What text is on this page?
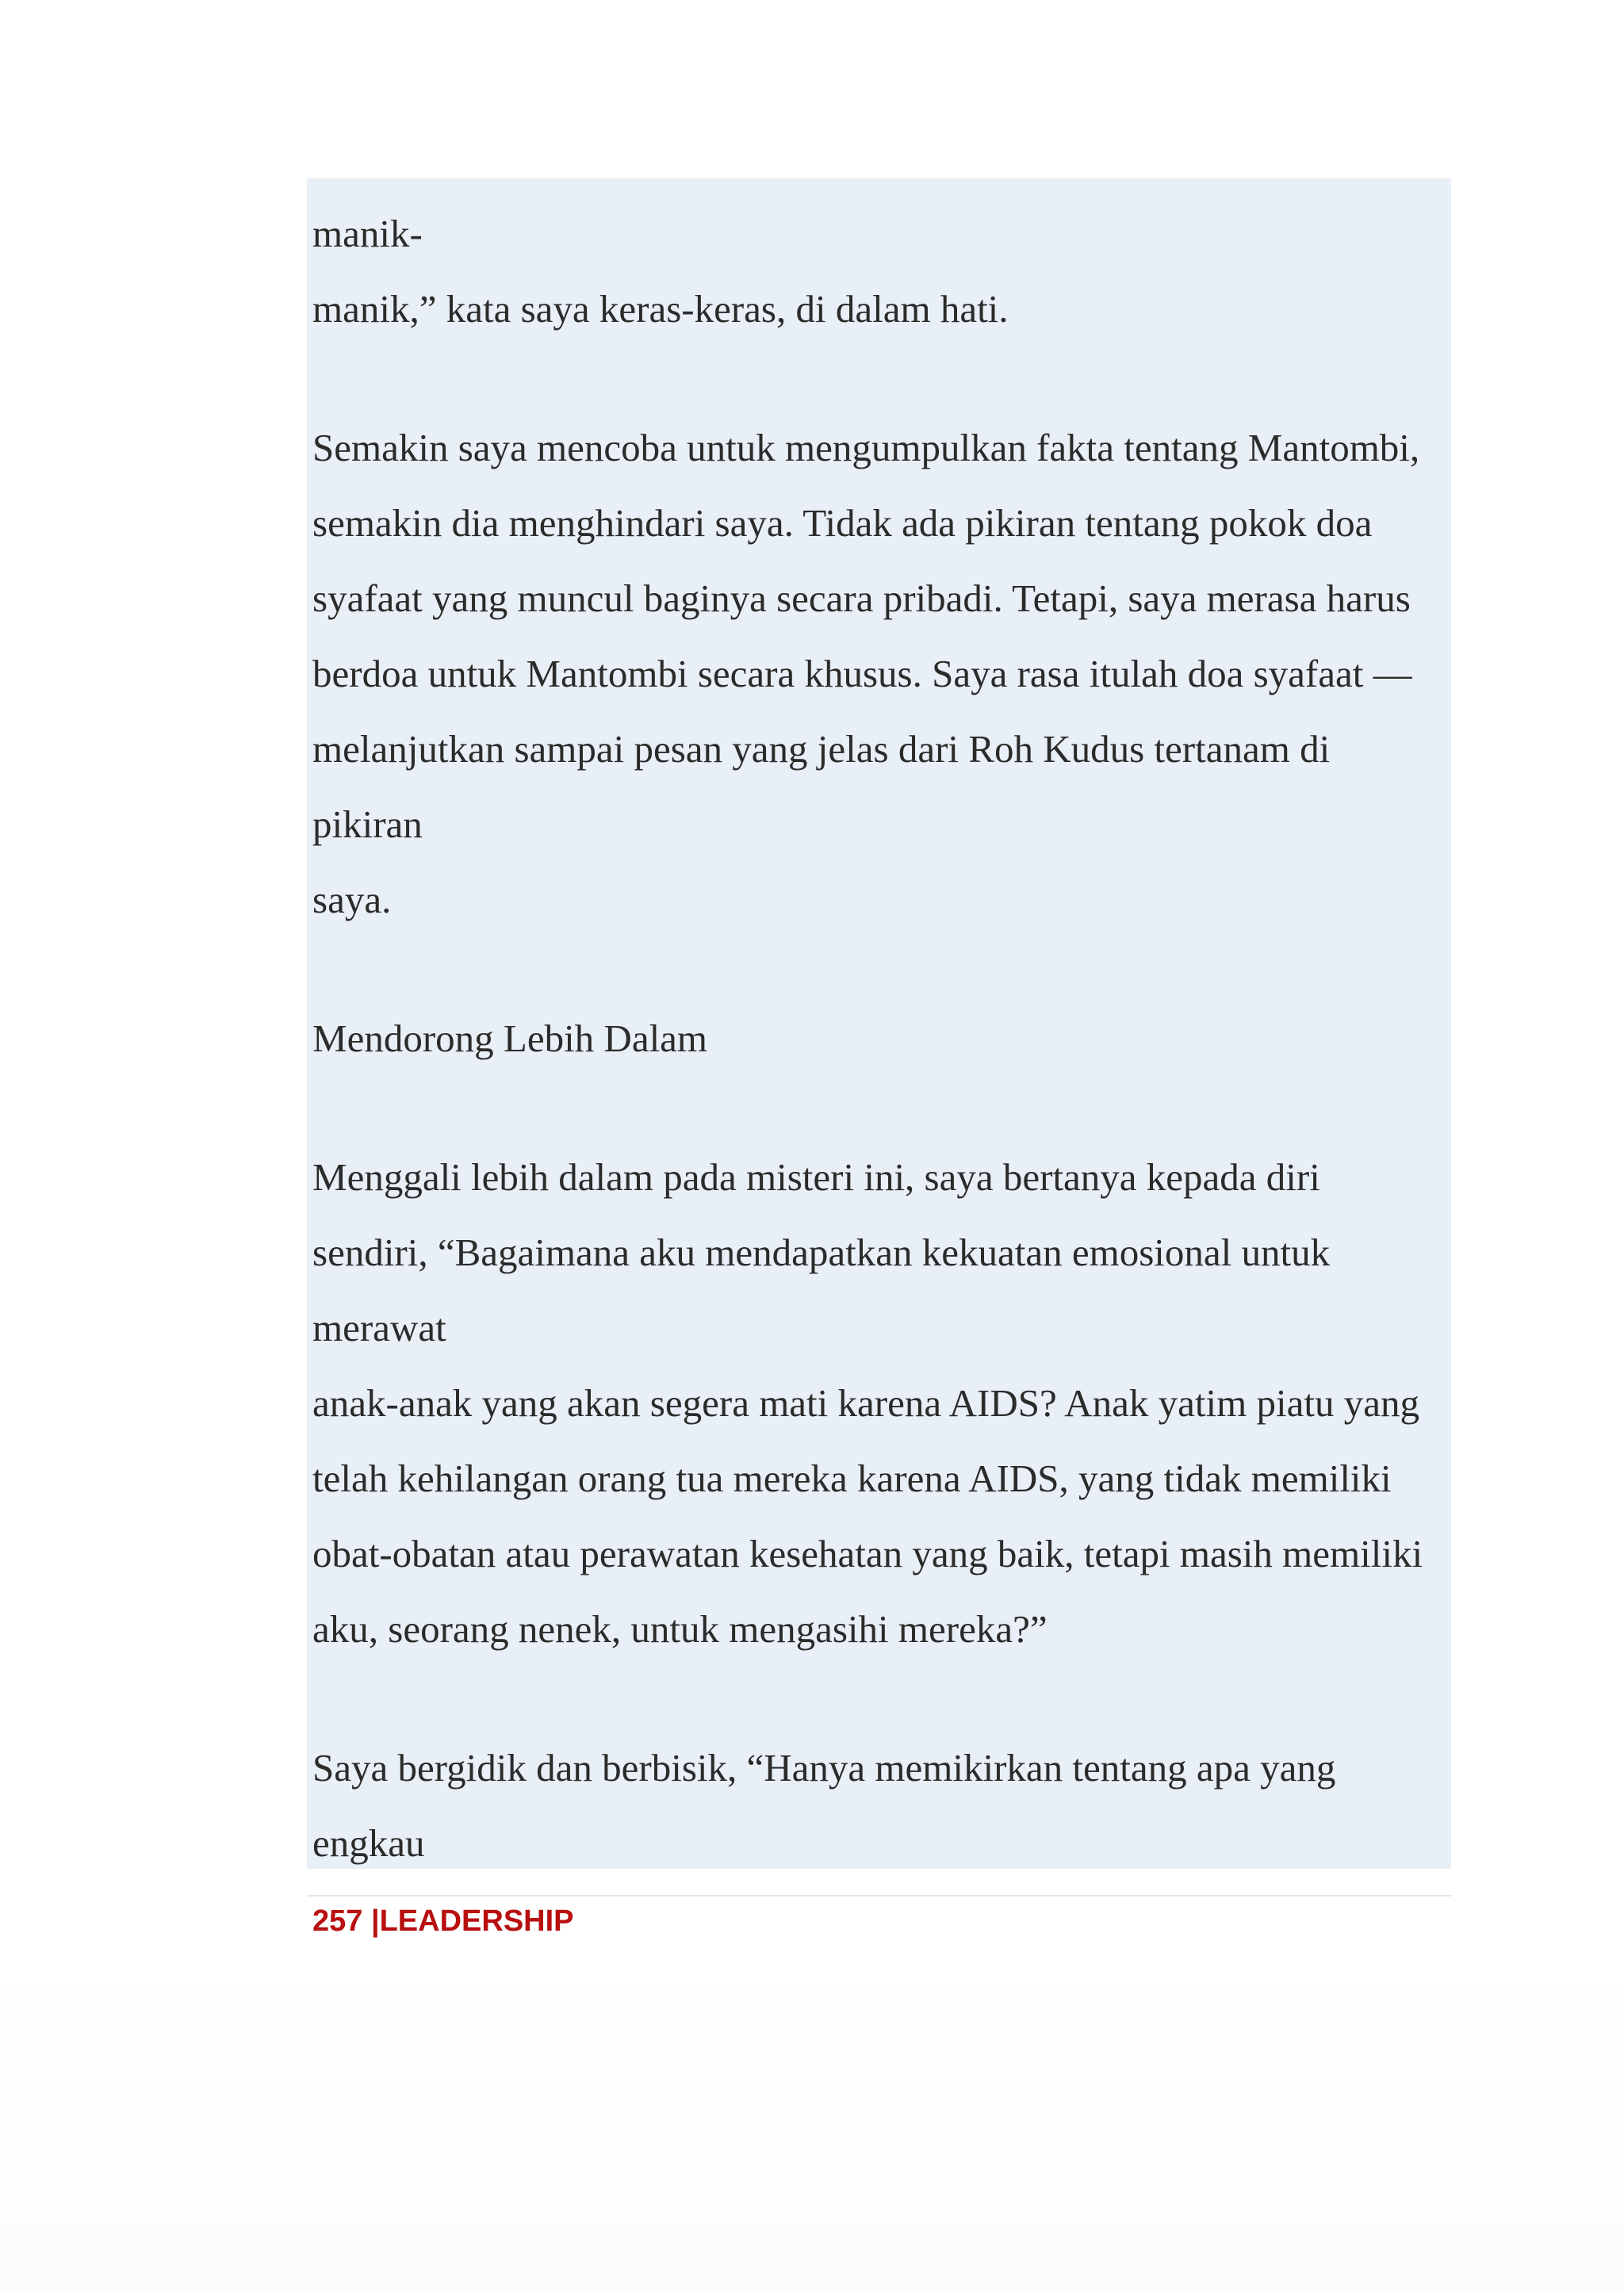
manik-
manik,” kata saya keras-keras, di dalam hati.
Semakin saya mencoba untuk mengumpulkan fakta tentang Mantombi,
semakin dia menghindari saya. Tidak ada pikiran tentang pokok doa
syafaat yang muncul baginya secara pribadi. Tetapi, saya merasa harus
berdoa untuk Mantombi secara khusus. Saya rasa itulah doa syafaat —
melanjutkan sampai pesan yang jelas dari Roh Kudus tertanam di
pikiran
saya.
Mendorong Lebih Dalam
Menggali lebih dalam pada misteri ini, saya bertanya kepada diri
sendiri, “Bagaimana aku mendapatkan kekuatan emosional untuk
merawat
anak-anak yang akan segera mati karena AIDS? Anak yatim piatu yang
telah kehilangan orang tua mereka karena AIDS, yang tidak memiliki
obat-obatan atau perawatan kesehatan yang baik, tetapi masih memiliki
aku, seorang nenek, untuk mengasihi mereka?”
Saya bergidik dan berbisik, “Hanya memikirkan tentang apa yang
engkau
257 |LEADERSHIP
